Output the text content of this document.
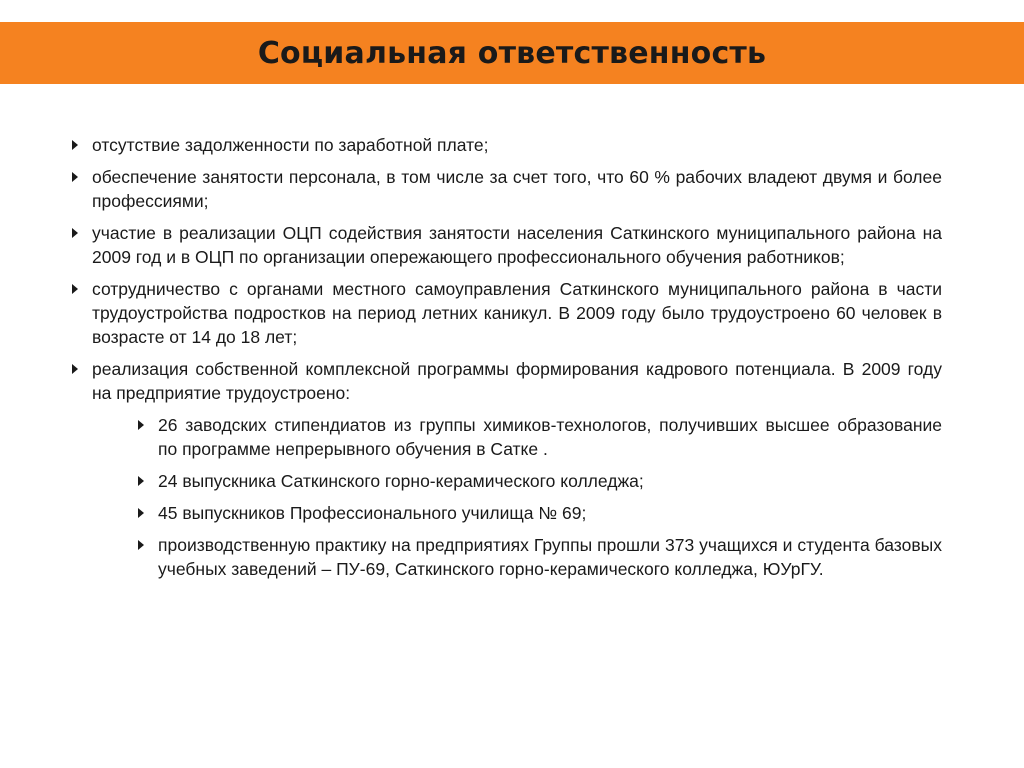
Социальная ответственность
отсутствие задолженности по заработной плате;
обеспечение занятости персонала, в том числе за счет того, что 60 % рабочих владеют двумя и более профессиями;
участие в реализации ОЦП содействия занятости населения Саткинского муниципального района на 2009 год и в ОЦП по организации опережающего профессионального обучения работников;
сотрудничество с органами местного самоуправления Саткинского муниципального района в части трудоустройства подростков на период летних каникул. В 2009 году было трудоустроено 60 человек в возрасте от 14 до 18 лет;
реализация собственной комплексной программы формирования кадрового потенциала. В 2009 году на предприятие трудоустроено:
26 заводских стипендиатов из группы химиков-технологов, получивших высшее образование по программе непрерывного обучения в Сатке .
24 выпускника Саткинского горно-керамического колледжа;
45 выпускников Профессионального училища № 69;
производственную практику на предприятиях Группы прошли 373 учащихся и студента базовых учебных заведений – ПУ-69, Саткинского горно-керамического колледжа, ЮУрГУ.
